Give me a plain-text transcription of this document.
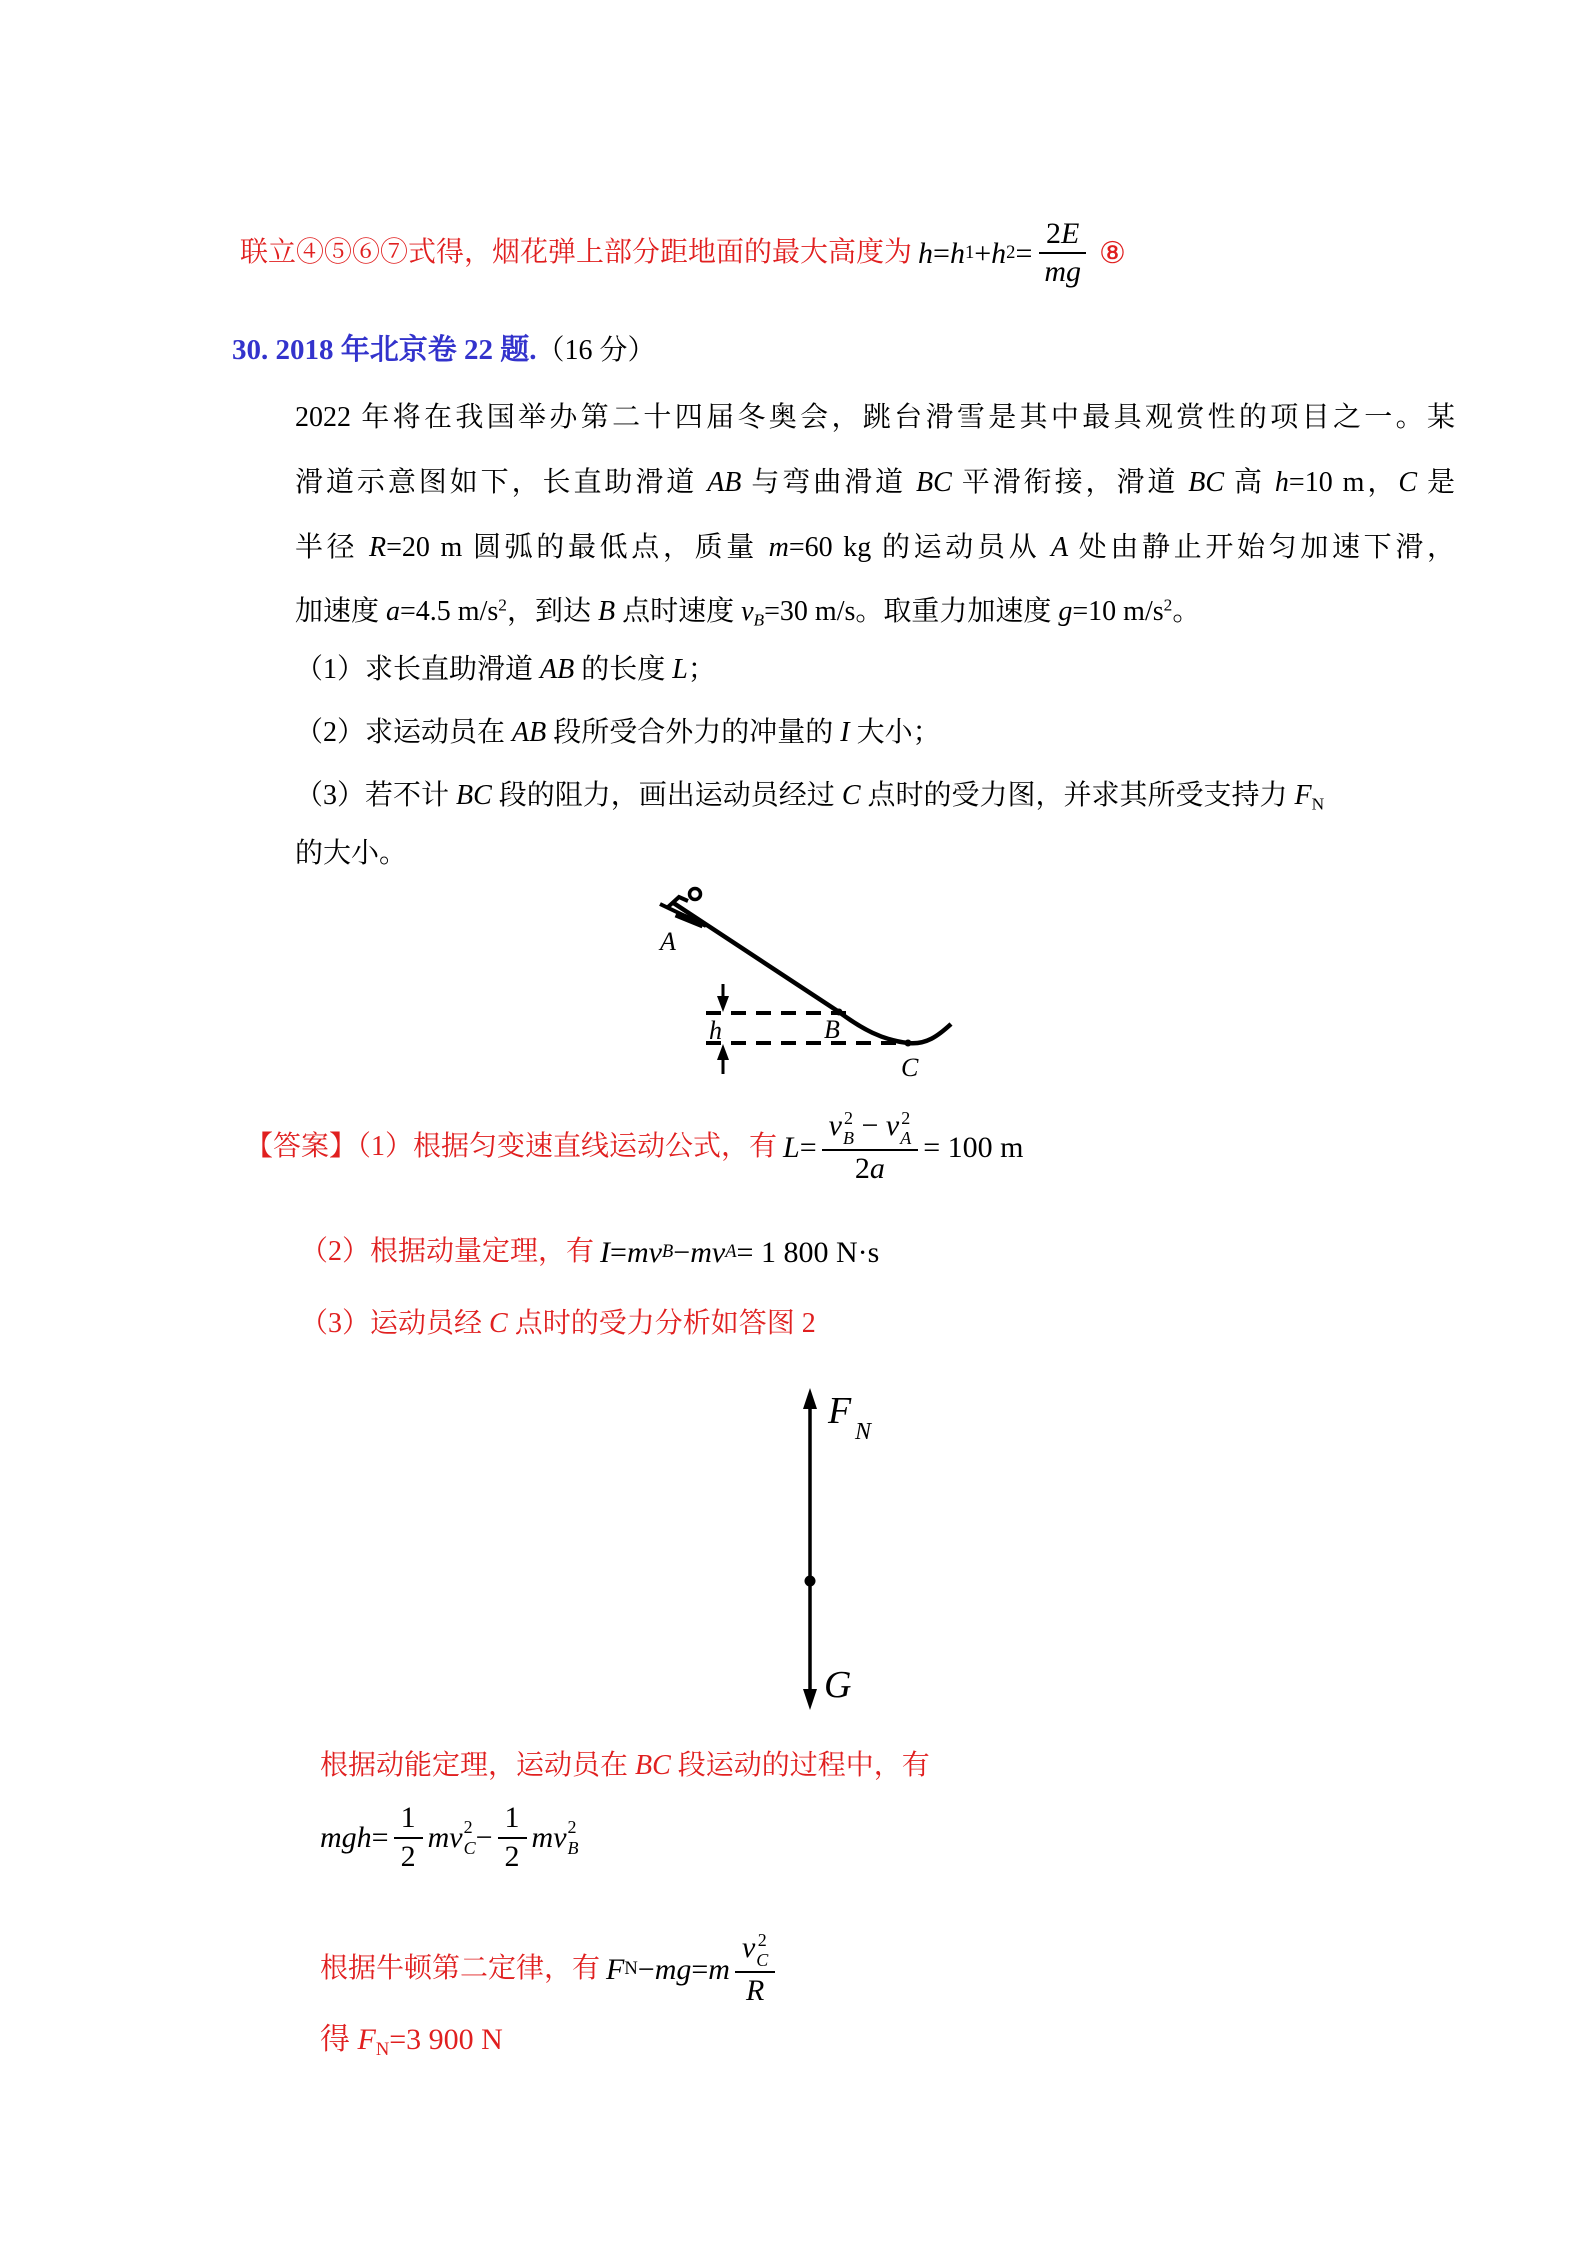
联立④⑤⑥⑦式得，烟花弹上部分距地面的最大高度为 h = h 1 + h $2 = \frac{2E}{mg}$ ⑧
30. 2018 年北京卷 22 题.（16 分）
2022 年将在我国举办第二十四届冬奥会，跳台滑雪是其中最具观赏性的项目之一。某
滑道示意图如下，长直助滑道 AB 与弯曲滑道 BC 平滑衔接，滑道 BC 高 h=10 m，C 是
半径 R=20 m 圆弧的最低点，质量 m=60 kg 的运动员从 A 处由静止开始匀加速下滑，
加速度 a=4.5 $m/s^2$，到达 B 点时速度 vB=30 m/s。取重力加速度 g=10 $m/s^2$。
（1）求长直助滑道 AB 的长度 L；
（2）求运动员在 AB 段所受合外力的冲量的 I 大小；
（3）若不计 BC 段的阻力，画出运动员经过 C 点时的受力图，并求其所受支持力 FN
的大小。
A
B
C
h
【答案】（1）根据匀变速直线运动公式，有 L = v 2
B − v 2
A
2a = 100 m
（2）根据动量定理，有 I = mv B − mv A = 1 800 N·s
（3）运动员经 C 点时的受力分析如答图 2
F N
G
根据动能定理，运动员在 BC 段运动的过程中，有
mgh = $\frac{1}{2}$ m v 2
$C - \frac{1}{2}$ m v 2
B
根据牛顿第二定律，有 F N − mg = m v 2
C
R
得 FN=3 900 N
